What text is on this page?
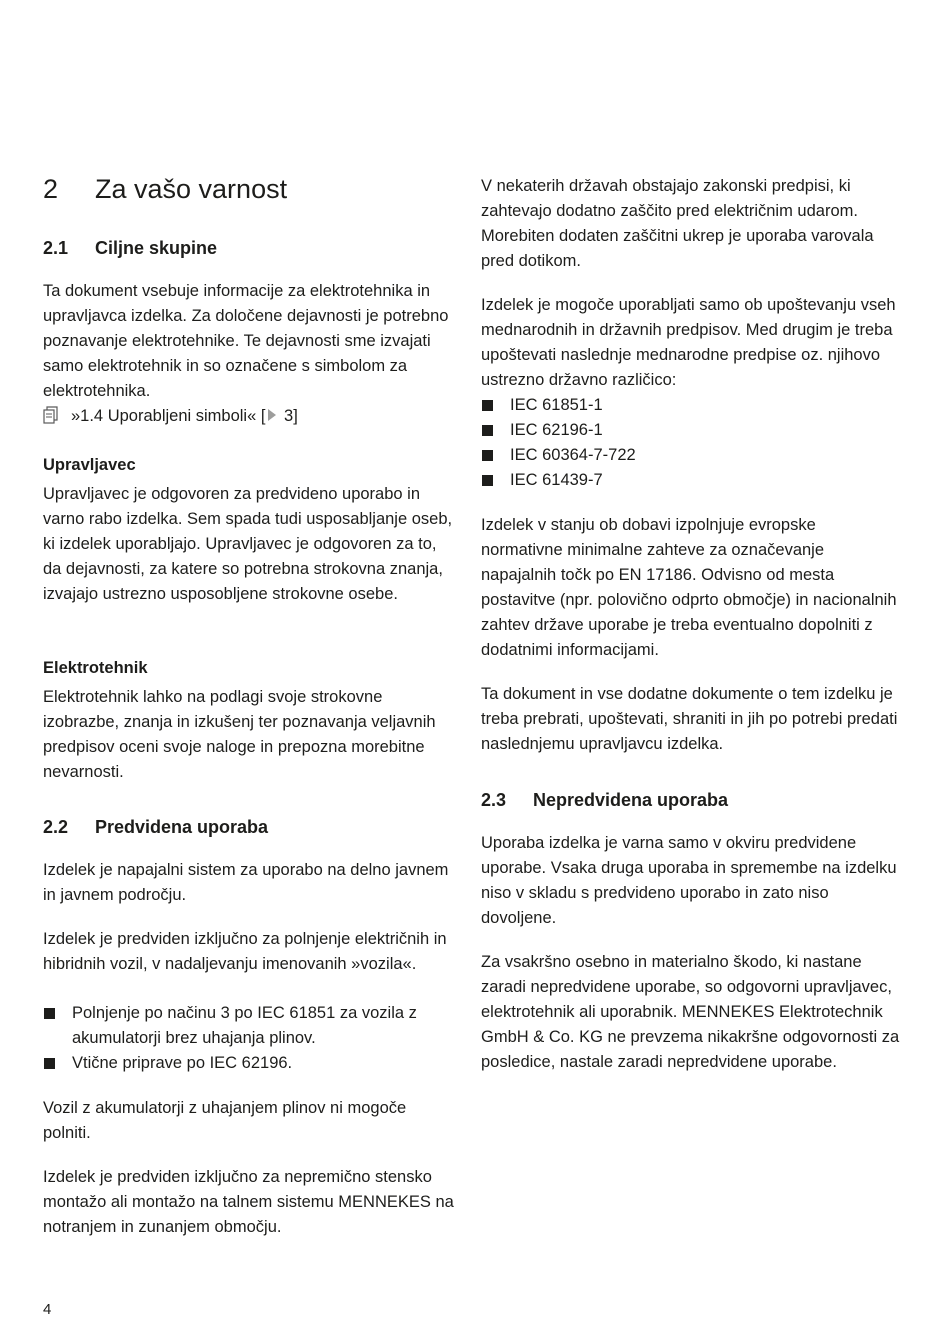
2 Za vašo varnost
2.1 Ciljne skupine

Ta dokument vsebuje informacije za elektrotehnika in upravljavca izdelka. Za določene dejavnosti je potrebno poznavanje elektrotehnike. Te dejavnosti sme izvajati samo elektrotehnik in so označene s simbolom za elektrotehnika.

»1.4 Uporabljeni simboli« [ 3]
Upravljavec

Upravljavec je odgovoren za predvideno uporabo in varno rabo izdelka. Sem spada tudi usposabljanje oseb, ki izdelek uporabljajo. Upravljavec je odgovoren za to, da dejavnosti, za katere so potrebna strokovna znanja, izvajajo ustrezno usposobljene strokovne osebe.

Elektrotehnik

Elektrotehnik lahko na podlagi svoje strokovne izobrazbe, znanja in izkušenj ter poznavanja veljavnih predpisov oceni svoje naloge in prepozna morebitne nevarnosti.

2.2 Predvidena uporaba

Izdelek je napajalni sistem za uporabo na delno javnem in javnem področju.

Izdelek je predviden izključno za polnjenje električnih in hibridnih vozil, v nadaljevanju imenovanih »vozila«.

Polnjenje po načinu 3 po IEC 61851 za vozila z akumulatorji brez uhajanja plinov.
Vtične priprave po IEC 62196.

Vozil z akumulatorji z uhajanjem plinov ni mogoče polniti.

Izdelek je predviden izključno za nepremično stensko montažo ali montažo na talnem sistemu MENNEKES na notranjem in zunanjem območju.

V nekaterih državah obstajajo zakonski predpisi, ki zahtevajo dodatno zaščito pred električnim udarom. Morebiten dodaten zaščitni ukrep je uporaba varovala pred dotikom.

Izdelek je mogoče uporabljati samo ob upoštevanju vseh mednarodnih in državnih predpisov. Med drugim je treba upoštevati naslednje mednarodne predpise oz. njihovo ustrezno državno različico:

IEC 61851-1
IEC 62196-1
IEC 60364-7-722
IEC 61439-7

Izdelek v stanju ob dobavi izpolnjuje evropske normativne minimalne zahteve za označevanje napajalnih točk po EN 17186. Odvisno od mesta postavitve (npr. polovično odprto območje) in nacionalnih zahtev države uporabe je treba eventualno dopolniti z dodatnimi informacijami.

Ta dokument in vse dodatne dokumente o tem izdelku je treba prebrati, upoštevati, shraniti in jih po potrebi predati naslednjemu upravljavcu izdelka.

2.3 Nepredvidena uporaba

Uporaba izdelka je varna samo v okviru predvidene uporabe. Vsaka druga uporaba in spremembe na izdelku niso v skladu s predvideno uporabo in zato niso dovoljene.

Za vsakršno osebno in materialno škodo, ki nastane zaradi nepredvidene uporabe, so odgovorni upravljavec, elektrotehnik ali uporabnik. MENNEKES Elektrotechnik GmbH & Co. KG ne prevzema nikakršne odgovornosti za posledice, nastale zaradi nepredvidene uporabe.

4
